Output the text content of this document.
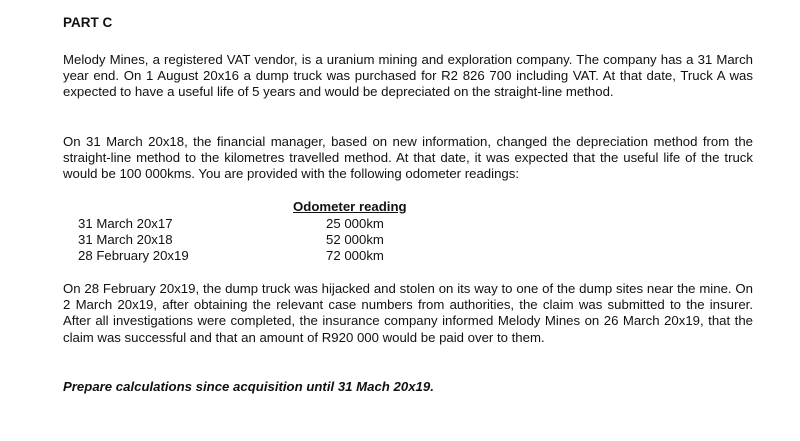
PART C
Melody Mines, a registered VAT vendor, is a uranium mining and exploration company. The company has a 31 March year end. On 1 August 20x16 a dump truck was purchased for R2 826 700 including VAT. At that date, Truck A was expected to have a useful life of 5 years and would be depreciated on the straight-line method.
On 31 March 20x18, the financial manager, based on new information, changed the depreciation method from the straight-line method to the kilometres travelled method. At that date, it was expected that the useful life of the truck would be 100 000kms. You are provided with the following odometer readings:
Odometer reading
31 March 20x17	25 000km
31 March 20x18	52 000km
28 February 20x19	72 000km
On 28 February 20x19, the dump truck was hijacked and stolen on its way to one of the dump sites near the mine. On 2 March 20x19, after obtaining the relevant case numbers from authorities, the claim was submitted to the insurer. After all investigations were completed, the insurance company informed Melody Mines on 26 March 20x19, that the claim was successful and that an amount of R920 000 would be paid over to them.
Prepare calculations since acquisition until 31 Mach 20x19.
